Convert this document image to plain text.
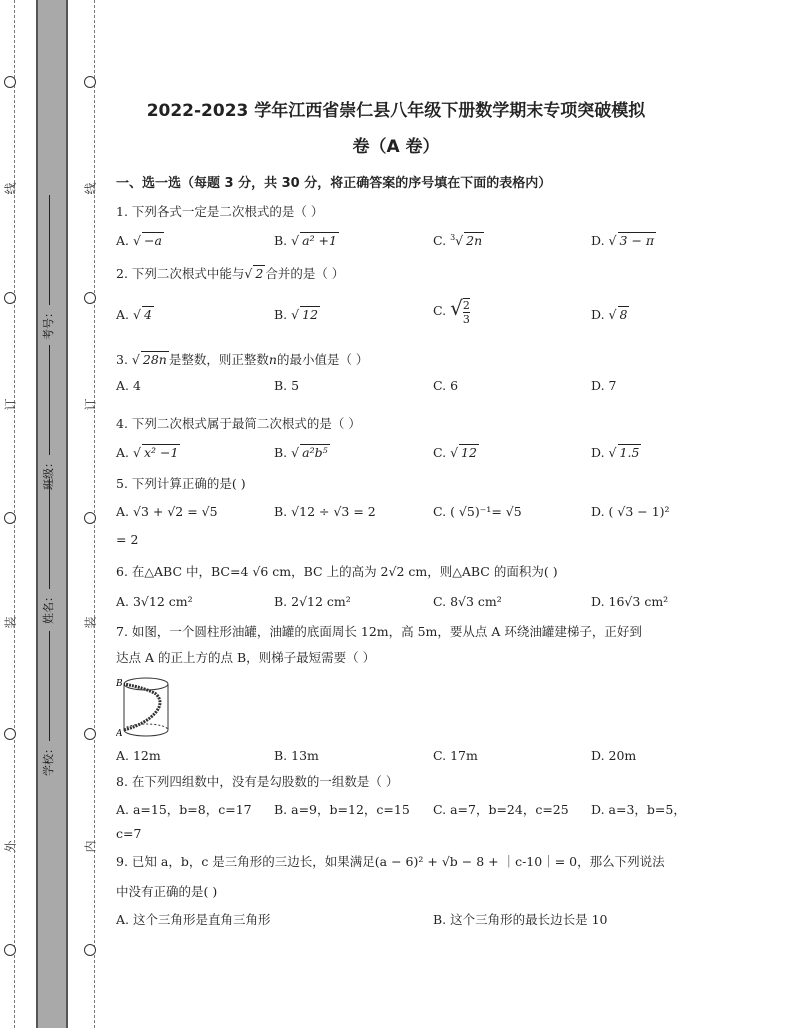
线
订
装
外
线
订
装
内
考号：
班级：
姓名：
学校：
2022-2023 学年江西省崇仁县八年级下册数学期末专项突破模拟
卷（A 卷）
一、选一选（每题 3 分，共 30 分，将正确答案的序号填在下面的表格内）
1. 下列各式一定是二次根式的是（ ）
A. √ −a	B. √ a² +1	C. $^3$√ 2n	D. √ 3 − π
2. 下列二次根式中能与√ 2 合并的是（ ）
A. √ 4	B. √ 12	C. √ $\frac{2}{3}$	D. √ 8
3. √ 28n 是整数，则正整数n的最小值是（ ）
A. 4	B. 5	C. 6	D. 7
4. 下列二次根式属于最简二次根式的是（ ）
A. √ x² −1	B. √ a²b⁵	C. √ 12	D. √ 1.5
5. 下列计算正确的是( )
A. √3 + √2 = √5	B. √12 ÷ √3 = 2	C. ( √5)⁻¹= √5	D. ( √3 − 1)²
= 2
6. 在△ABC 中，BC=4 √6 cm，BC 上的高为 2√2 cm，则△ABC 的面积为( )
A. 3√12 cm²	B. 2√12 cm²	C. 8√3 cm²	D. 16√3 cm²
7. 如图，一个圆柱形油罐，油罐的底面周长 12m，高 5m，要从点 A 环绕油罐建梯子，正好到
达点 A 的正上方的点 B，则梯子最短需要（ ）
B
A
A. 12m	B. 13m	C. 17m	D. 20m
8. 在下列四组数中，没有是勾股数的一组数是（ ）
A. a=15，b=8，c=17 B. a=9，b=12，c=15 C. a=7，b=24，c=25 D. a=3，b=5，
c=7
9. 已知 a，b，c 是三角形的三边长，如果满足(a − 6)² + √b − 8 + ｜c-10｜= 0，那么下列说法
中没有正确的是( )
A. 这个三角形是直角三角形	B. 这个三角形的最长边长是 10
